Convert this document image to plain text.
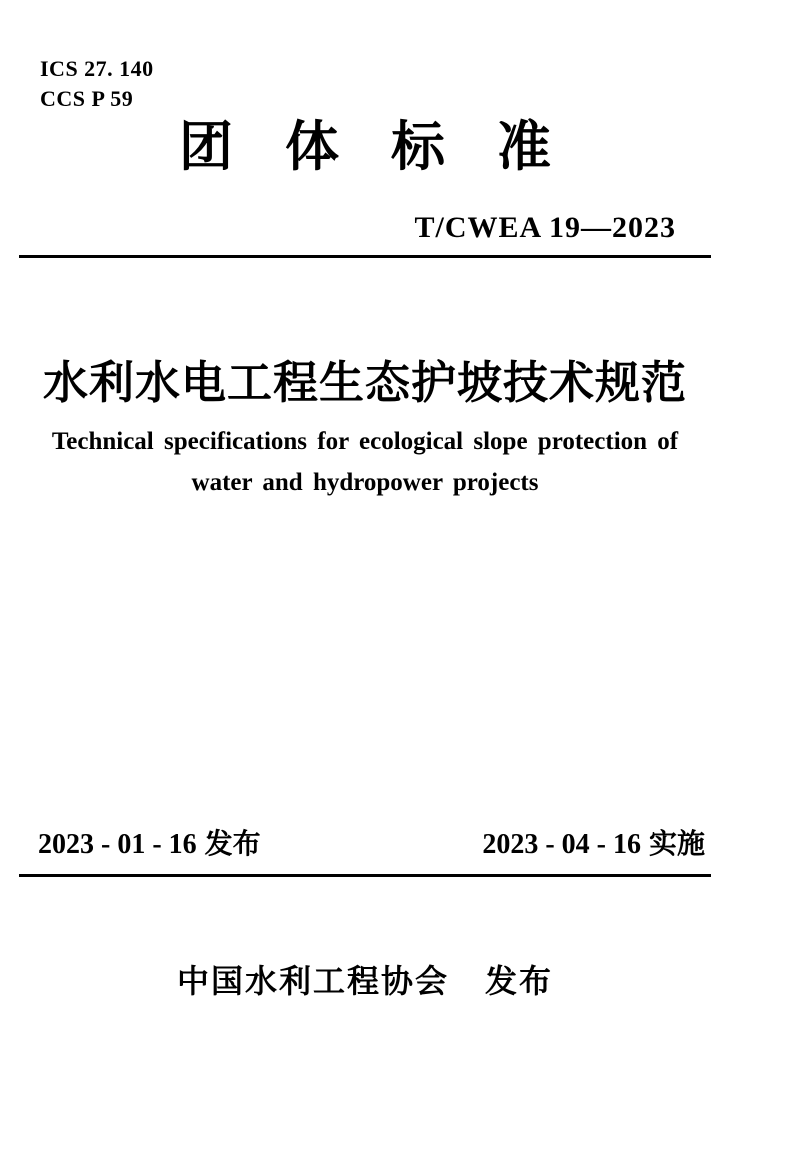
ICS 27. 140
CCS P 59
团体标准
T/CWEA 19—2023
水利水电工程生态护坡技术规范
Technical specifications for ecological slope protection of
water and hydropower projects
2023 - 01 - 16 发布	2023 - 04 - 16 实施
中国水利工程协会 发布
